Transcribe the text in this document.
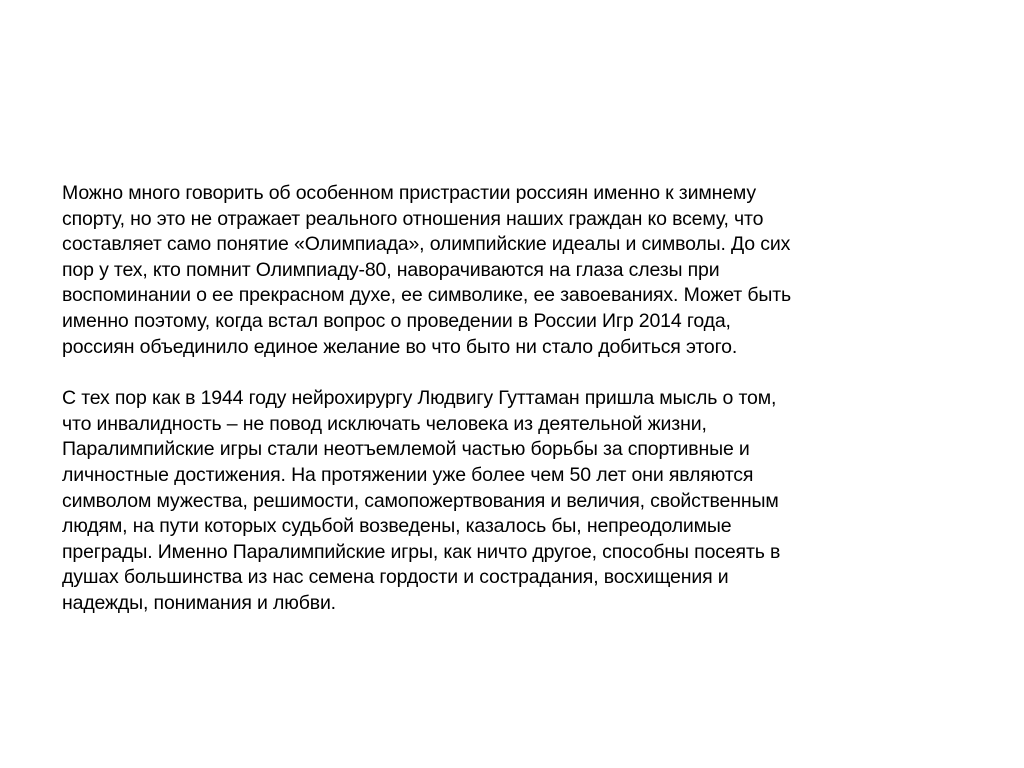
Можно много говорить об особенном пристрастии россиян именно к зимнему
спорту, но это не отражает реального отношения наших граждан ко всему, что
составляет само понятие «Олимпиада», олимпийские идеалы и символы. До сих
пор у тех, кто помнит Олимпиаду-80, наворачиваются на глаза слезы при
воспоминании о ее прекрасном духе, ее символике, ее завоеваниях. Может быть
именно поэтому, когда встал вопрос о проведении в России Игр 2014 года,
россиян объединило единое желание во что быто ни стало добиться этого.

С тех пор как в 1944 году нейрохирургу Людвигу Гуттаман пришла мысль о том,
что инвалидность – не повод исключать человека из деятельной жизни,
Паралимпийские игры стали неотъемлемой частью борьбы за спортивные и
личностные достижения. На протяжении уже более чем 50 лет они являются
символом мужества, решимости, самопожертвования и величия, свойственным
людям, на пути которых судьбой возведены, казалось бы, непреодолимые
преграды. Именно Паралимпийские игры, как ничто другое, способны посеять в
душах большинства из нас семена гордости и сострадания, восхищения и
надежды, понимания и любви.
